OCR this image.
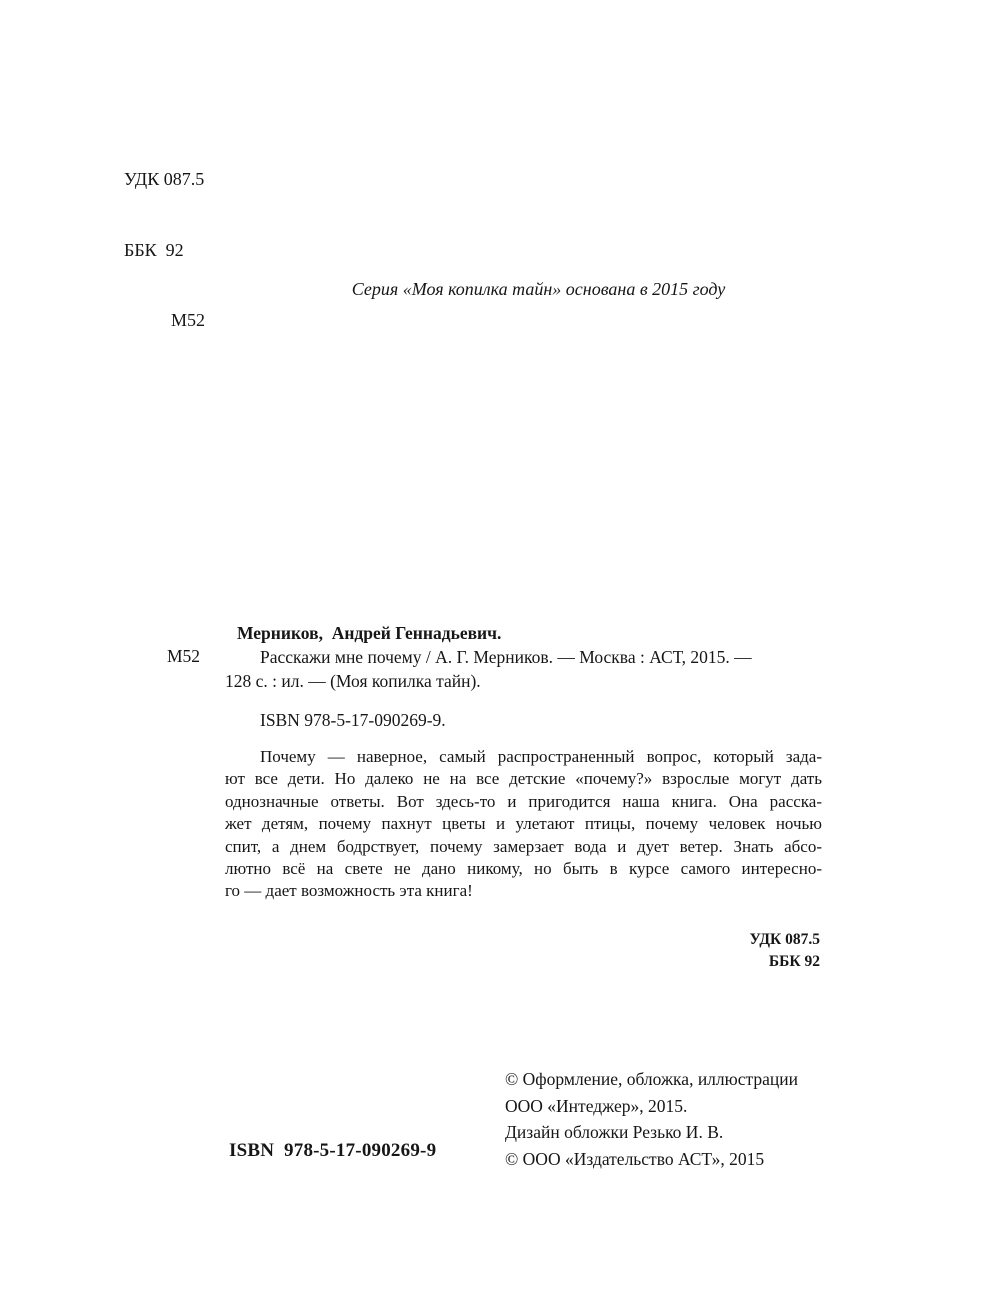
УДК 087.5

ББК  92

М52

Серия «Моя копилка тайн» основана в 2015 году
М52
Мерников,  Андрей Геннадьевич.
Расскажи мне почему / А. Г. Мерников. — Москва : АСТ, 2015. —
128 с. : ил. — (Моя копилка тайн).
ISBN 978-5-17-090269-9.
Почему — наверное, самый распространенный вопрос, который зада-
ют все дети. Но далеко не на все детские «почему?» взрослые могут дать
однозначные ответы. Вот здесь-то и пригодится наша книга. Она расска-
жет детям, почему пахнут цветы и улетают птицы, почему человек ночью
спит, а днем бодрствует, почему замерзает вода и дует ветер. Знать абсо-
лютно всё на свете не дано никому, но быть в курсе самого интересно-
го — дает возможность эта книга!
УДК 087.5
ББК 92
© Оформление, обложка, иллюстрации
ООО «Интеджер», 2015.
Дизайн обложки Резько И. В.
© ООО «Издательство АСТ», 2015
ISBN  978-5-17-090269-9
